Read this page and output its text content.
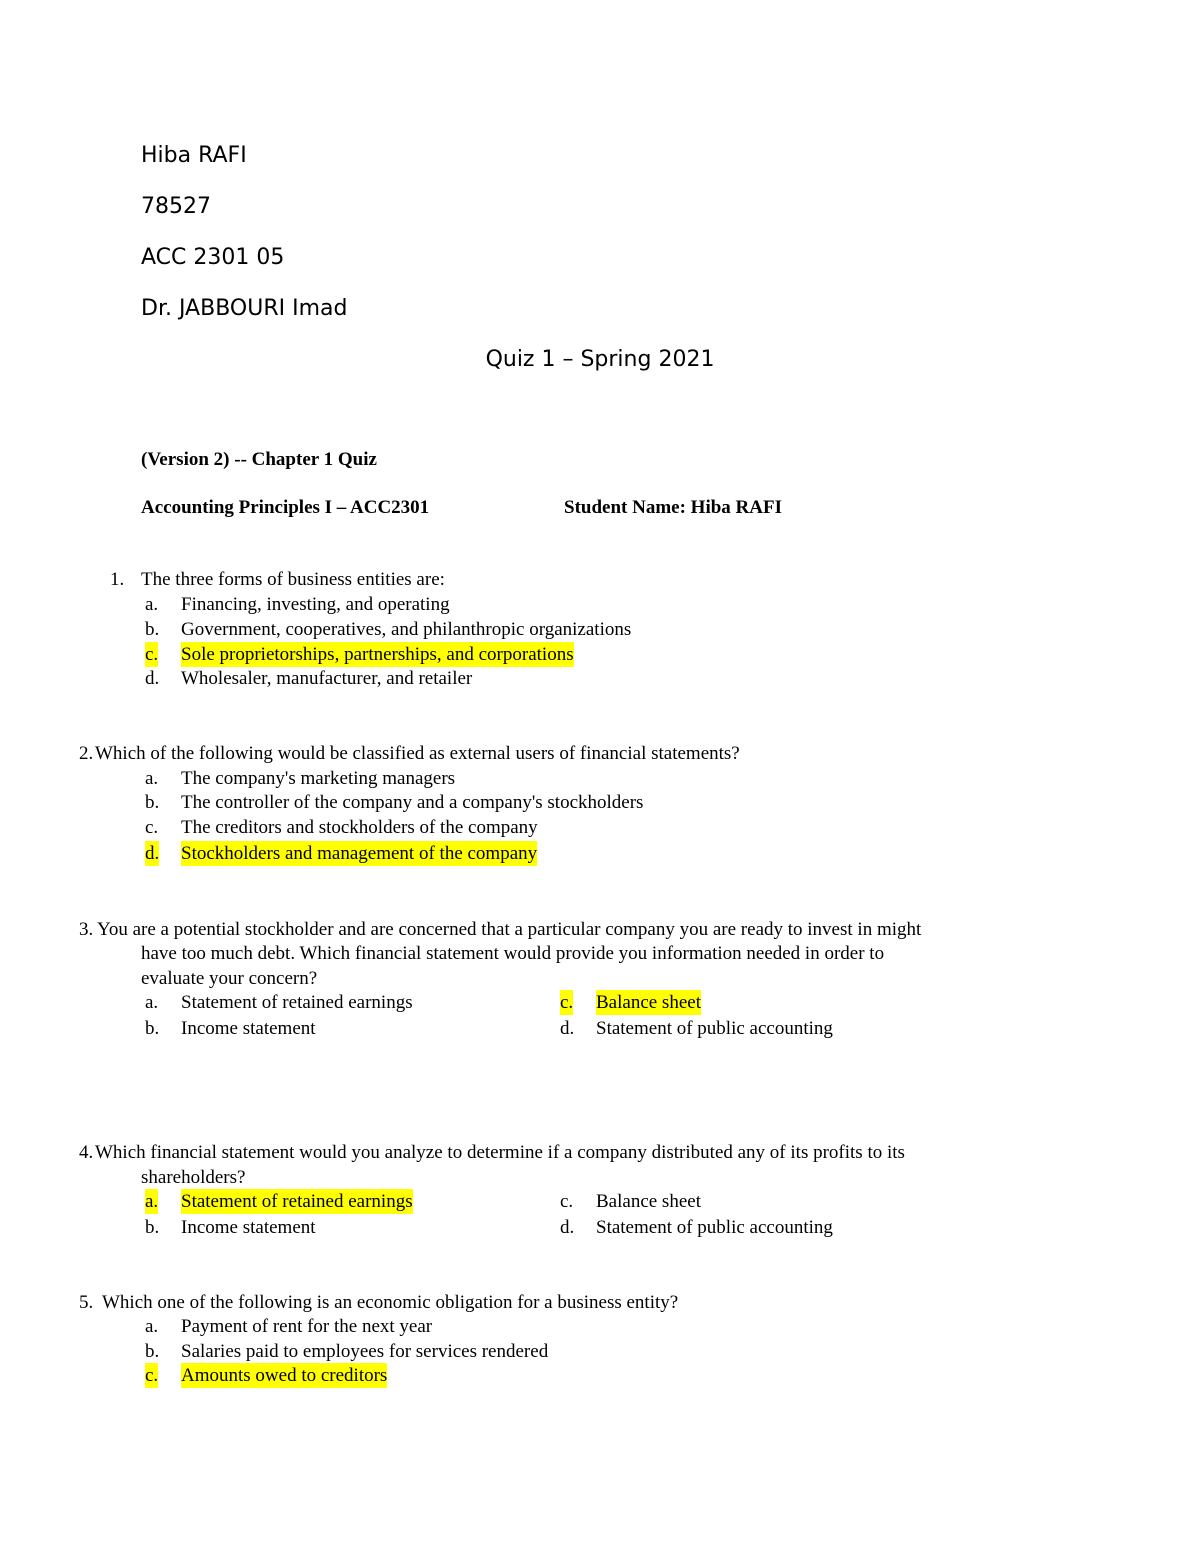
Hiba RAFI
78527
ACC 2301 05
Dr. JABBOURI Imad
Quiz 1 – Spring 2021
(Version 2) -- Chapter 1 Quiz
Accounting Principles I – ACC2301	Student Name: Hiba RAFI
1. The three forms of business entities are:
a. Financing, investing, and operating
b. Government, cooperatives, and philanthropic organizations
c. Sole proprietorships, partnerships, and corporations
d. Wholesaler, manufacturer, and retailer
2. Which of the following would be classified as external users of financial statements?
a. The company's marketing managers
b. The controller of the company and a company's stockholders
c. The creditors and stockholders of the company
d. Stockholders and management of the company
3. You are a potential stockholder and are concerned that a particular company you are ready to invest in might
have too much debt. Which financial statement would provide you information needed in order to
evaluate your concern?
a. Statement of retained earnings
b. Income statement
c. Balance sheet
d. Statement of public accounting
4. Which financial statement would you analyze to determine if a company distributed any of its profits to its
shareholders?
a. Statement of retained earnings
b. Income statement
c. Balance sheet
d. Statement of public accounting
5. Which one of the following is an economic obligation for a business entity?
a. Payment of rent for the next year
b. Salaries paid to employees for services rendered
c. Amounts owed to creditors
